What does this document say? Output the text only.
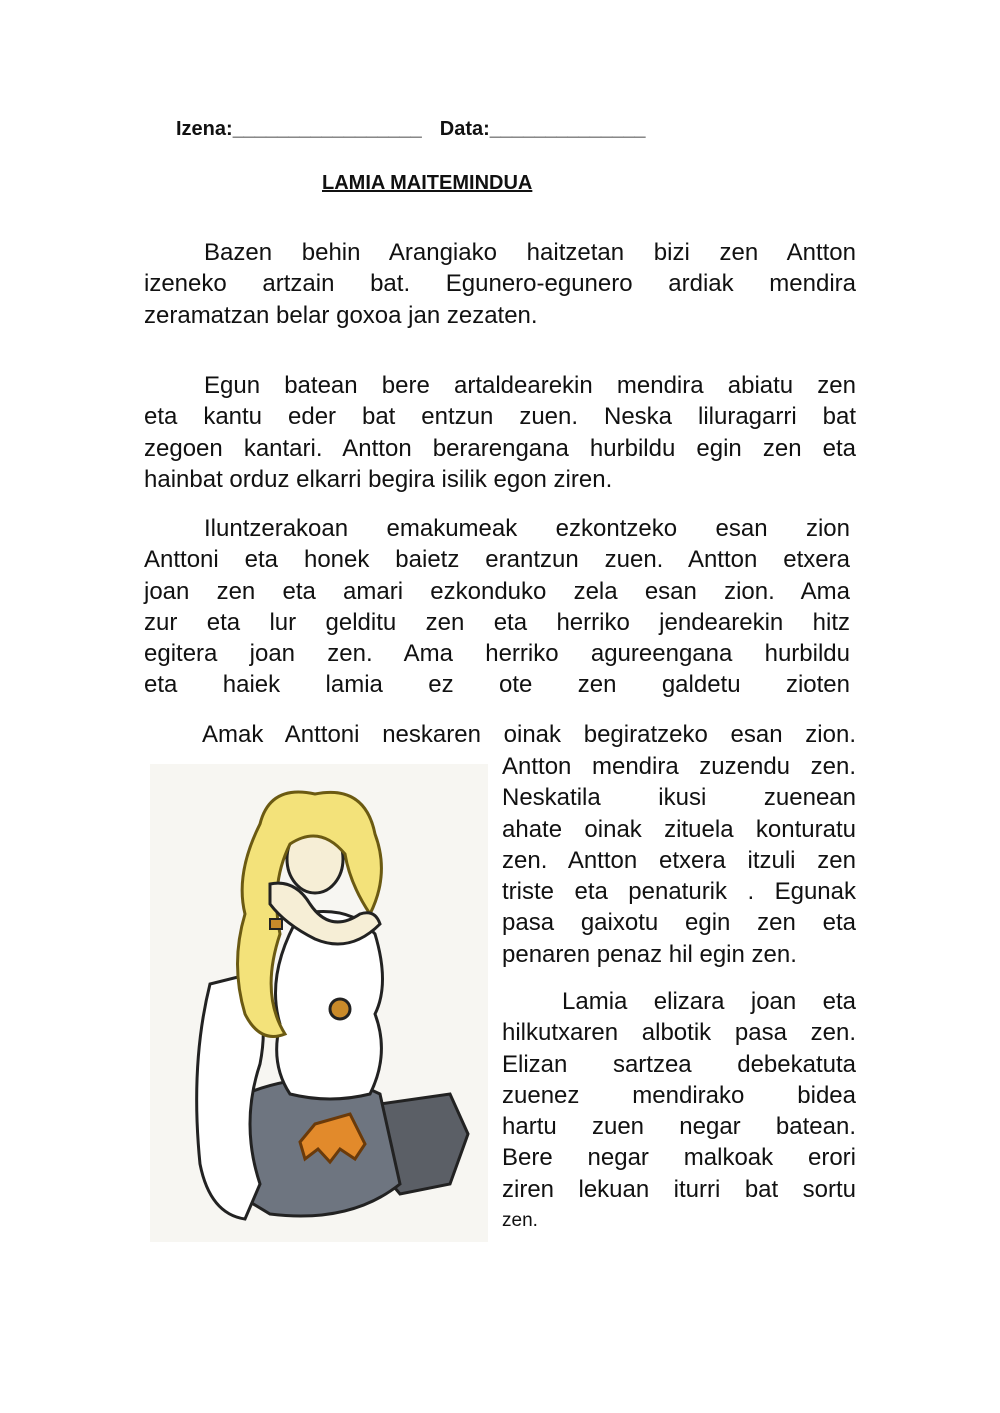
Izena:_________________ Data:______________
LAMIA MAITEMINDUA
Bazen behin Arangiako haitzetan bizi zen Antton
izeneko artzain bat. Egunero-egunero ardiak mendira
zeramatzan belar goxoa jan zezaten.
Egun batean bere artaldearekin mendira abiatu zen
eta kantu eder bat entzun zuen. Neska liluragarri bat
zegoen kantari. Antton berarengana hurbildu egin zen eta
hainbat orduz elkarri begira isilik egon ziren.
Iluntzerakoan emakumeak ezkontzeko esan zion
Anttoni eta honek baietz erantzun zuen. Antton etxera
joan zen eta amari ezkonduko zela esan zion. Ama
zur eta lur gelditu zen eta herriko jendearekin hitz
egitera joan zen. Ama herriko agureengana hurbildu
eta haiek lamia ez ote zen galdetu zioten
Amak Anttoni neskaren oinak begiratzeko esan zion.
Antton mendira zuzendu zen.
Neskatila ikusi zuenean
ahate oinak zituela konturatu
zen. Antton etxera itzuli zen
triste eta penaturik . Egunak
pasa gaixotu egin zen eta
penaren penaz hil egin zen.
Lamia elizara joan eta
hilkutxaren albotik pasa zen.
Elizan sartzea debekatuta
zuenez mendirako bidea
hartu zuen negar batean.
Bere negar malkoak erori
ziren lekuan iturri bat sortu
zen.
